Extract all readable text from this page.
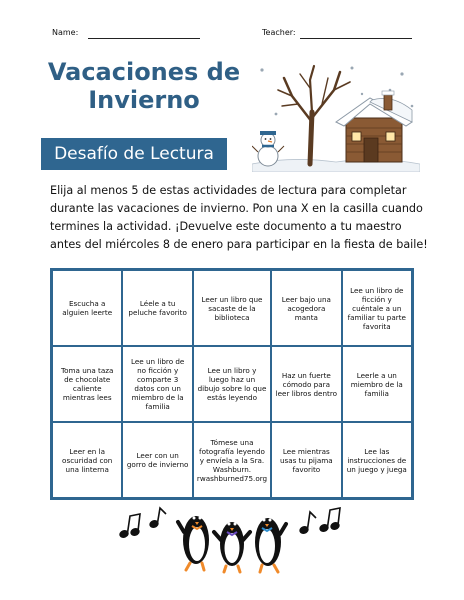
Name:	Teacher:
Vacaciones de
Invierno
Desafío de Lectura
Elija al menos 5 de estas actividades de lectura para completar durante las vacaciones de invierno. Pon una X en la casilla cuando termines la actividad. ¡Devuelve este documento a tu maestro antes del miércoles 8 de enero para participar en la fiesta de baile!
Escucha a alguien leerte
Léele a tu peluche favorito
Leer un libro que sacaste de la biblioteca
Leer bajo una acogedora manta
Lee un libro de ficción y cuéntale a un familiar tu parte favorita
Toma una taza de chocolate caliente mientras lees
Lee un libro de no ficción y comparte 3 datos con un miembro de la familia
Lee un libro y luego haz un dibujo sobre lo que estás leyendo
Haz un fuerte cómodo para leer libros dentro
Leerle a un miembro de la familia
Leer en la oscuridad con una linterna
Leer con un gorro de invierno
Tómese una fotografía leyendo y envíela a la Sra. Washburn. rwashburned75.org
Lee mientras usas tu pijama favorito
Lee las instrucciones de un juego y juega
